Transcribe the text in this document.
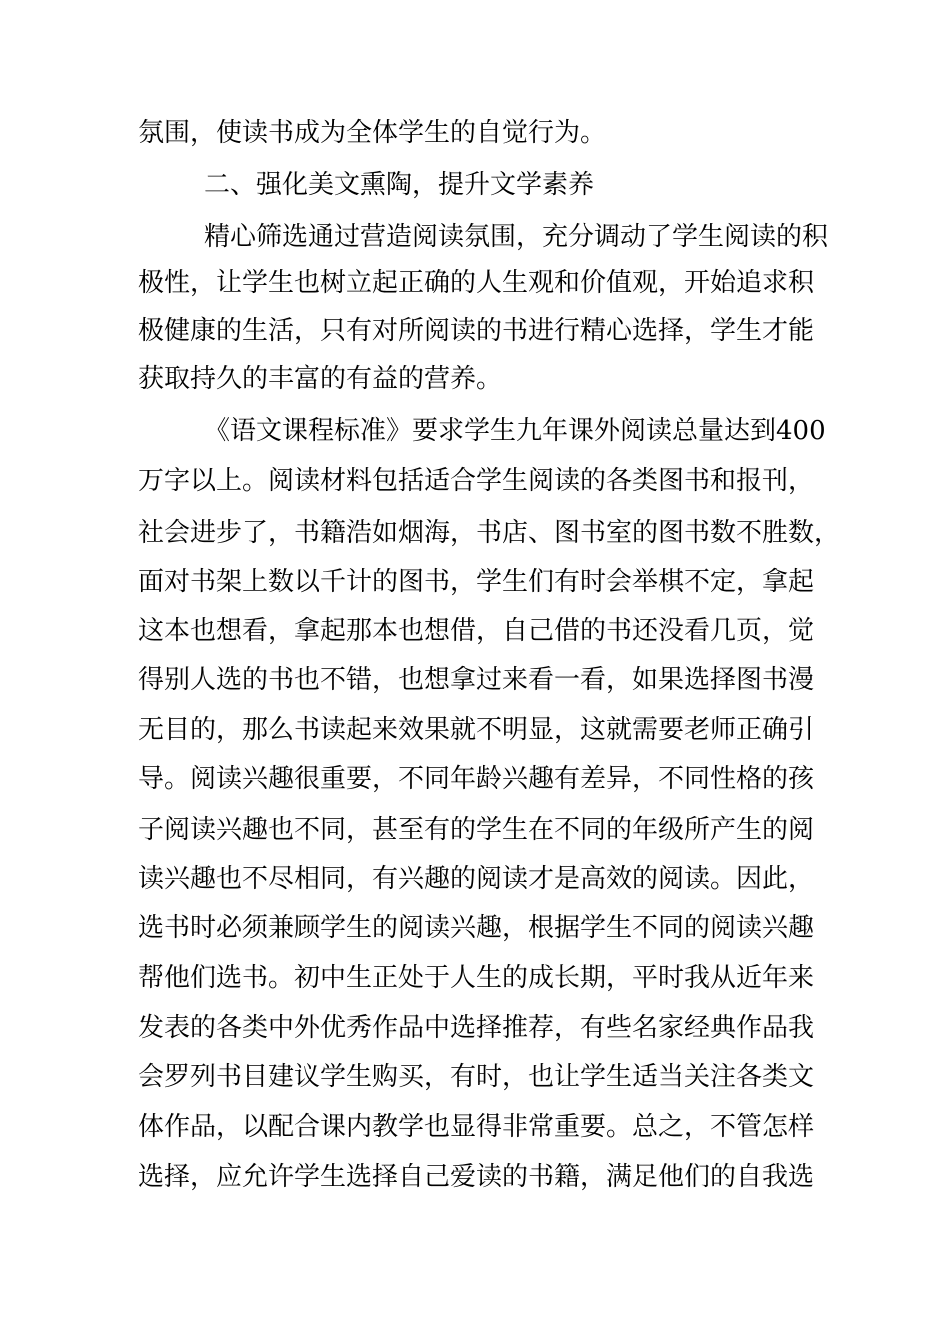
氛围，使读书成为全体学生的自觉行为。
二、强化美文熏陶，提升文学素养
精心筛选通过营造阅读氛围，充分调动了学生阅读的积
极性，让学生也树立起正确的人生观和价值观，开始追求积
极健康的生活，只有对所阅读的书进行精心选择，学生才能
获取持久的丰富的有益的营养。
《语文课程标准》要求学生九年课外阅读总量达到400
万字以上。阅读材料包括适合学生阅读的各类图书和报刊，
社会进步了，书籍浩如烟海，书店、图书室的图书数不胜数，
面对书架上数以千计的图书，学生们有时会举棋不定，拿起
这本也想看，拿起那本也想借，自己借的书还没看几页，觉
得别人选的书也不错，也想拿过来看一看，如果选择图书漫
无目的，那么书读起来效果就不明显，这就需要老师正确引
导。阅读兴趣很重要，不同年龄兴趣有差异，不同性格的孩
子阅读兴趣也不同，甚至有的学生在不同的年级所产生的阅
读兴趣也不尽相同，有兴趣的阅读才是高效的阅读。因此，
选书时必须兼顾学生的阅读兴趣，根据学生不同的阅读兴趣
帮他们选书。初中生正处于人生的成长期，平时我从近年来
发表的各类中外优秀作品中选择推荐，有些名家经典作品我
会罗列书目建议学生购买，有时，也让学生适当关注各类文
体作品，以配合课内教学也显得非常重要。总之，不管怎样
选择，应允许学生选择自己爱读的书籍，满足他们的自我选
